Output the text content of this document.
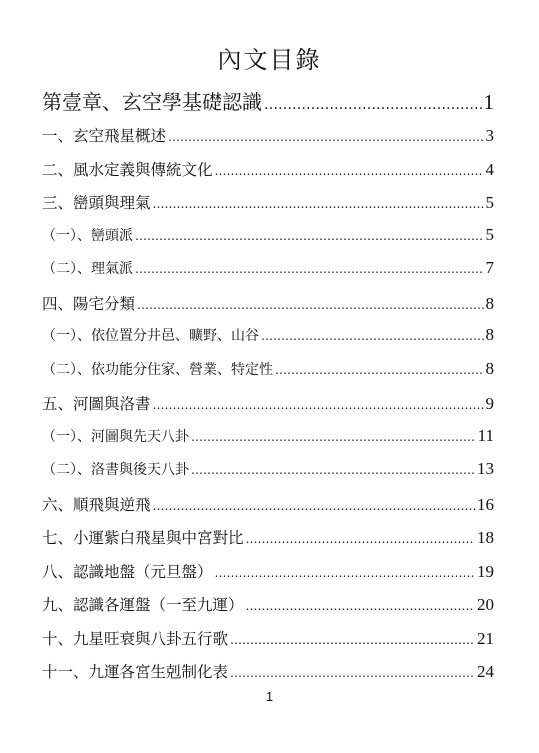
內文目錄
第壹章、玄空學基礎認識 ………………………………………………………………………………………………………………………………………………	1
一、玄空飛星概述 ………………………………………………………………………………………………………………………………………………	3
二、風水定義與傳統文化 ………………………………………………………………………………………………………………………………………………	4
三、巒頭與理氣 ………………………………………………………………………………………………………………………………………………	5
（一）、巒頭派 ………………………………………………………………………………………………………………………………………………	5
（二）、理氣派 ………………………………………………………………………………………………………………………………………………	7
四、陽宅分類 ………………………………………………………………………………………………………………………………………………	8
（一）、依位置分井邑、曠野、山谷 ………………………………………………………………………………………………………………………………………………	8
（二）、依功能分住家、營業、特定性 ………………………………………………………………………………………………………………………………………………	8
五、河圖與洛書 ………………………………………………………………………………………………………………………………………………	9
（一）、河圖與先天八卦 ………………………………………………………………………………………………………………………………………………	11
（二）、洛書與後天八卦 ………………………………………………………………………………………………………………………………………………	13
六、順飛與逆飛 ………………………………………………………………………………………………………………………………………………	16
七、小運紫白飛星與中宮對比 ………………………………………………………………………………………………………………………………………………	18
八、認識地盤（元旦盤） ………………………………………………………………………………………………………………………………………………	19
九、認識各運盤（一至九運） ………………………………………………………………………………………………………………………………………………	20
十、九星旺衰與八卦五行歌 ………………………………………………………………………………………………………………………………………………	21
十一、九運各宮生剋制化表 ………………………………………………………………………………………………………………………………………………	24
1
